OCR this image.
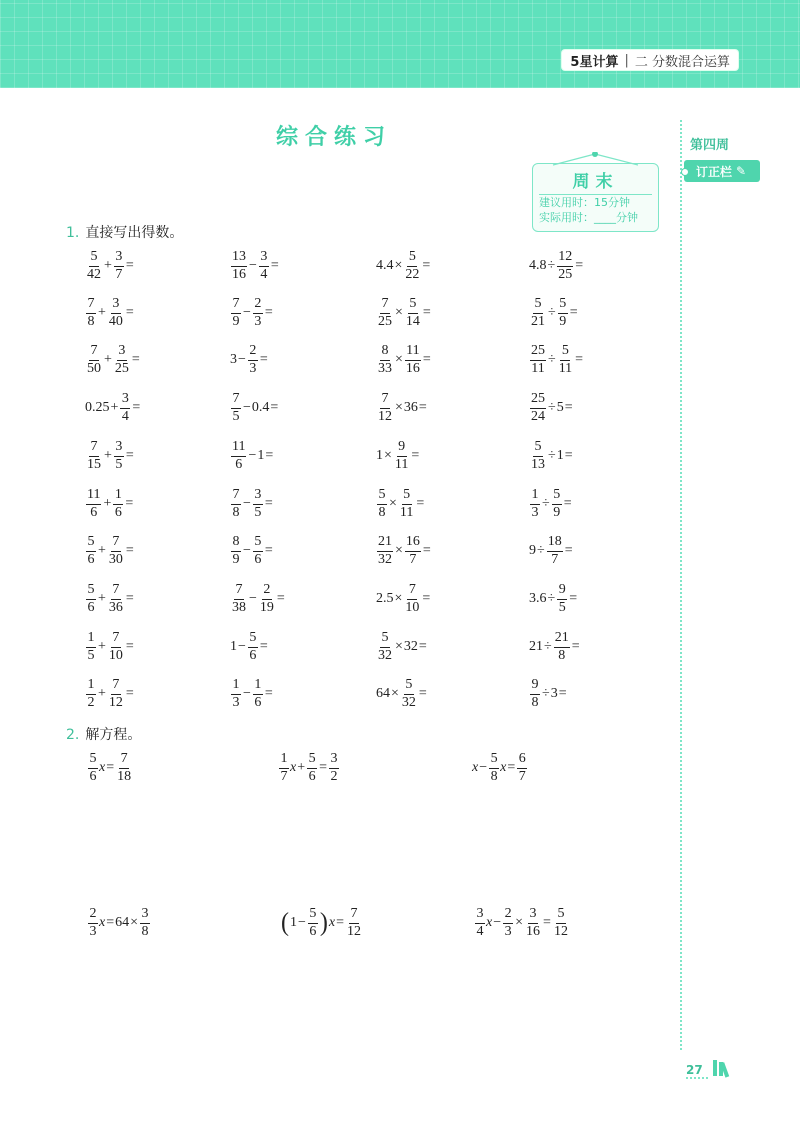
5星计算 | 二 分数混合运算
综合练习	第四周
订正栏 ✎
周末
建议用时：15分钟
实际用时：____分钟
1. 直接写出得数。
$\frac{5}{42} + \frac{3}{7}$ =	$\frac{13}{16} - \frac{3}{4}$ =	$4.4 \times \frac{5}{22}$ =	$4.8 \div \frac{12}{25}$ =
$\frac{7}{8} + \frac{3}{40}$ =	$\frac{7}{9} - \frac{2}{3}$ =	$\frac{7}{25} \times \frac{5}{14}$ =	$\frac{5}{21} \div \frac{5}{9}$ =
$\frac{7}{50} + \frac{3}{25}$ =	$3 - \frac{2}{3}$ =	$\frac{8}{33} \times \frac{11}{16}$ =	$\frac{25}{11} \div \frac{5}{11}$ =
$0.25 + \frac{3}{4}$ =	$\frac{7}{5} - 0.4$ =	$\frac{7}{12} \times 36$ =	$\frac{25}{24} \div 5$ =
$\frac{7}{15} + \frac{3}{5}$ =	$\frac{11}{6} - 1$ =	$1 \times \frac{9}{11}$ =	$\frac{5}{13} \div 1$ =
$\frac{11}{6} + \frac{1}{6}$ =	$\frac{7}{8} - \frac{3}{5}$ =	$\frac{5}{8} \times \frac{5}{11}$ =	$\frac{1}{3} \div \frac{5}{9}$ =
$\frac{5}{6} + \frac{7}{30}$ =	$\frac{8}{9} - \frac{5}{6}$ =	$\frac{21}{32} \times \frac{16}{7}$ =	$9 \div \frac{18}{7}$ =
$\frac{5}{6} + \frac{7}{36}$ =	$\frac{7}{38} - \frac{2}{19}$ =	$2.5 \times \frac{7}{10}$ =	$3.6 \div \frac{9}{5}$ =
$\frac{1}{5} + \frac{7}{10}$ =	$1 - \frac{5}{6}$ =	$\frac{5}{32} \times 32$ =	$21 \div \frac{21}{8}$ =
$\frac{1}{2} + \frac{7}{12}$ =	$\frac{1}{3} - \frac{1}{6}$ =	$64 \times \frac{5}{32}$ =	$\frac{9}{8} \div 3$ =
2. 解方程。
$\frac{5}{6}$ $x = \frac{7}{18}$	$\frac{1}{7}$ $x + \frac{5}{6} = \frac{3}{2}$	$x - \frac{5}{8}$ $x = \frac{6}{7}$
$\frac{2}{3}$ $x = 64 \times \frac{3}{8}$	( $1 - \frac{5}{6}$ ) $x = \frac{7}{12}$	$\frac{3}{4}$ $x - \frac{2}{3} \times \frac{3}{16} = \frac{5}{12}$
27
